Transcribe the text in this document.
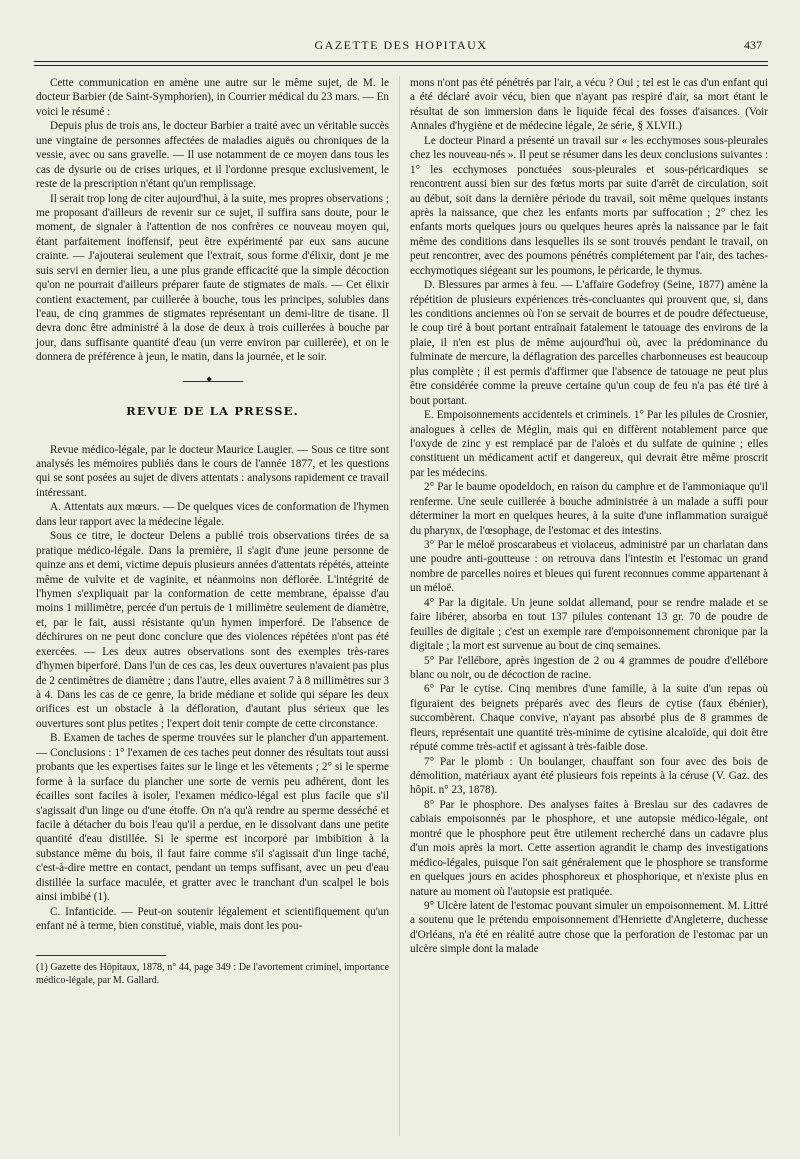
GAZETTE DES HOPITAUX	437

Cette communication en amène une autre sur le même sujet, de M. le docteur Barbier (de Saint-Symphorien), in Courrier médical du 23 mars. — En voici le résumé :

Depuis plus de trois ans, le docteur Barbier a traité avec un véritable succès une vingtaine de personnes affectées de maladies aiguës ou chroniques de la vessie, avec ou sans gravelle. — Il use notamment de ce moyen dans tous les cas de dysurie ou de crises uriques, et il l'ordonne presque exclusivement, le reste de la prescription n'étant qu'un remplissage.

Il serait trop long de citer aujourd'hui, à la suite, mes propres observations ; me proposant d'ailleurs de revenir sur ce sujet, il suffira sans doute, pour le moment, de signaler à l'attention de nos confrères ce nouveau moyen qui, étant parfaitement inoffensif, peut être expérimenté par eux sans aucune crainte. — J'ajouterai seulement que l'extrait, sous forme d'élixir, dont je me suis servi en dernier lieu, a une plus grande efficacité que la simple décoction qu'on ne pourrait d'ailleurs préparer faute de stigmates de maïs. — Cet élixir contient exactement, par cuillerée à bouche, tous les principes, solubles dans l'eau, de cinq grammes de stigmates représentant un demi-litre de tisane. Il devra donc être administré à la dose de deux à trois cuillerées à bouche par jour, dans suffisante quantité d'eau (un verre environ par cuillerée), et on le donnera de préférence à jeun, le matin, dans la journée, et le soir.

◆
REVUE DE LA PRESSE.

Revue médico-légale, par le docteur Maurice Laugier. — Sous ce titre sont analysés les mémoires publiés dans le cours de l'année 1877, et les questions qui se sont posées au sujet de divers attentats : analysons rapidement ce travail intéressant.

A. Attentats aux mœurs. — De quelques vices de conformation de l'hymen dans leur rapport avec la médecine légale.

Sous ce titre, le docteur Delens a publié trois observations tirées de sa pratique médico-légale. Dans la première, il s'agit d'une jeune personne de quinze ans et demi, victime depuis plusieurs années d'attentats répétés, atteinte même de vulvite et de vaginite, et néanmoins non déflorée. L'intégrité de l'hymen s'expliquait par la conformation de cette membrane, épaisse d'au moins 1 millimètre, percée d'un pertuis de 1 millimètre seulement de diamètre, et, par le fait, aussi résistante qu'un hymen imperforé. De l'absence de déchirures on ne peut donc conclure que des violences répétées n'ont pas été exercées. — Les deux autres observations sont des exemples très-rares d'hymen biperforé. Dans l'un de ces cas, les deux ouvertures n'avaient pas plus de 2 centimètres de diamètre ; dans l'autre, elles avaient 7 à 8 millimètres sur 3 à 4. Dans les cas de ce genre, la bride médiane et solide qui sépare les deux orifices est un obstacle à la défloration, d'autant plus sérieux que les ouvertures sont plus petites ; l'expert doit tenir compte de cette circonstance.

B. Examen de taches de sperme trouvées sur le plancher d'un appartement. — Conclusions : 1° l'examen de ces taches peut donner des résultats tout aussi probants que les expertises faites sur le linge et les vêtements ; 2° si le sperme forme à la surface du plancher une sorte de vernis peu adhérent, dont les écailles sont faciles à isoler, l'examen médico-légal est plus facile que s'il s'agissait d'un linge ou d'une étoffe. On n'a qu'à rendre au sperme desséché et facile à détacher du bois l'eau qu'il a perdue, en le dissolvant dans une petite quantité d'eau distillée. Si le sperme est incorporé par imbibition à la substance même du bois, il faut faire comme s'il s'agissait d'un linge taché, c'est-à-dire mettre en contact, pendant un temps suffisant, avec un peu d'eau distillée la surface maculée, et gratter avec le tranchant d'un scalpel le bois ainsi imbibé (1).

C. Infanticide. — Peut-on soutenir légalement et scientifiquement qu'un enfant né à terme, bien constitué, viable, mais dont les pou-

(1) Gazette des Hôpitaux, 1878, n° 44, page 349 : De l'avortement criminel, importance médico-légale, par M. Gallard.

mons n'ont pas été pénétrés par l'air, a vécu ? Oui ; tel est le cas d'un enfant qui a été déclaré avoir vécu, bien que n'ayant pas respiré d'air, sa mort étant le résultat de son immersion dans le liquide fécal des fosses d'aisances. (Voir Annales d'hygiène et de médecine légale, 2e série, § XLVII.)

Le docteur Pinard a présenté un travail sur « les ecchymoses sous-pleurales chez les nouveau-nés ». Il peut se résumer dans les deux conclusions suivantes : 1° les ecchymoses ponctuées sous-pleurales et sous-péricardiques se rencontrent aussi bien sur des fœtus morts par suite d'arrêt de circulation, soit au début, soit dans la dernière période du travail, soit même quelques instants après la naissance, que chez les enfants morts par suffocation ; 2° chez les enfants morts quelques jours ou quelques heures après la naissance par le fait même des conditions dans lesquelles ils se sont trouvés pendant le travail, on peut rencontrer, avec des poumons pénétrés complétement par l'air, des taches-ecchymotiques siégeant sur les poumons, le péricarde, le thymus.

D. Blessures par armes à feu. — L'affaire Godefroy (Seine, 1877) amène la répétition de plusieurs expériences très-concluantes qui prouvent que, si, dans les conditions anciennes où l'on se servait de bourres et de poudre défectueuse, le coup tiré à bout portant entraînait fatalement le tatouage des environs de la plaie, il n'en est plus de même aujourd'hui où, avec la prédominance du fulminate de mercure, la déflagration des parcelles charbonneuses est beaucoup plus complète ; il est permis d'affirmer que l'absence de tatouage ne peut plus être considérée comme la preuve certaine qu'un coup de feu n'a pas été tiré à bout portant.

E. Empoisonnements accidentels et criminels. 1° Par les pilules de Crosnier, analogues à celles de Méglin, mais qui en diffèrent notablement parce que l'oxyde de zinc y est remplacé par de l'aloès et du sulfate de quinine ; elles constituent un médicament actif et dangereux, qui devrait être même proscrit par les médecins.

2° Par le baume opodeldoch, en raison du camphre et de l'ammoniaque qu'il renferme. Une seule cuillerée à bouche administrée à un malade a suffi pour déterminer la mort en quelques heures, à la suite d'une inflammation suraiguë du pharynx, de l'œsophage, de l'estomac et des intestins.

3° Par le méloë proscarabeus et violaceus, administré par un charlatan dans une poudre anti-goutteuse : on retrouva dans l'intestin et l'estomac un grand nombre de parcelles noires et bleues qui furent reconnues comme appartenant à un méloë.

4° Par la digitale. Un jeune soldat allemand, pour se rendre malade et se faire libérer, absorba en tout 137 pilules contenant 13 gr. 70 de poudre de feuilles de digitale ; c'est un exemple rare d'empoisonnement chronique par la digitale ; la mort est survenue au bout de cinq semaines.

5° Par l'ellébore, après ingestion de 2 ou 4 grammes de poudre d'ellébore blanc ou noir, ou de décoction de racine.

6° Par le cytise. Cinq membres d'une famille, à la suite d'un repas où figuraient des beignets préparés avec des fleurs de cytise (faux ébénier), succombèrent. Chaque convive, n'ayant pas absorbé plus de 8 grammes de fleurs, représentait une quantité très-minime de cytisine alcaloïde, qui doit être réputé comme très-actif et agissant à très-faible dose.

7° Par le plomb : Un boulanger, chauffant son four avec des bois de démolition, matériaux ayant été plusieurs fois repeints à la céruse (V. Gaz. des hôpit. n° 23, 1878).

8° Par le phosphore. Des analyses faites à Breslau sur des cadavres de cabiais empoisonnés par le phosphore, et une autopsie médico-légale, ont montré que le phosphore peut être utilement recherché dans un cadavre plus d'un mois après la mort. Cette assertion agrandit le champ des investigations médico-légales, puisque l'on sait généralement que le phosphore se transforme en quelques jours en acides phosphoreux et phosphorique, et n'existe plus en nature au moment où l'autopsie est pratiquée.

9° Ulcère latent de l'estomac pouvant simuler un empoisonnement. M. Littré a soutenu que le prétendu empoisonnement d'Henriette d'Angleterre, duchesse d'Orléans, n'a été en réalité autre chose que la perforation de l'estomac par un ulcère simple dont la malade
